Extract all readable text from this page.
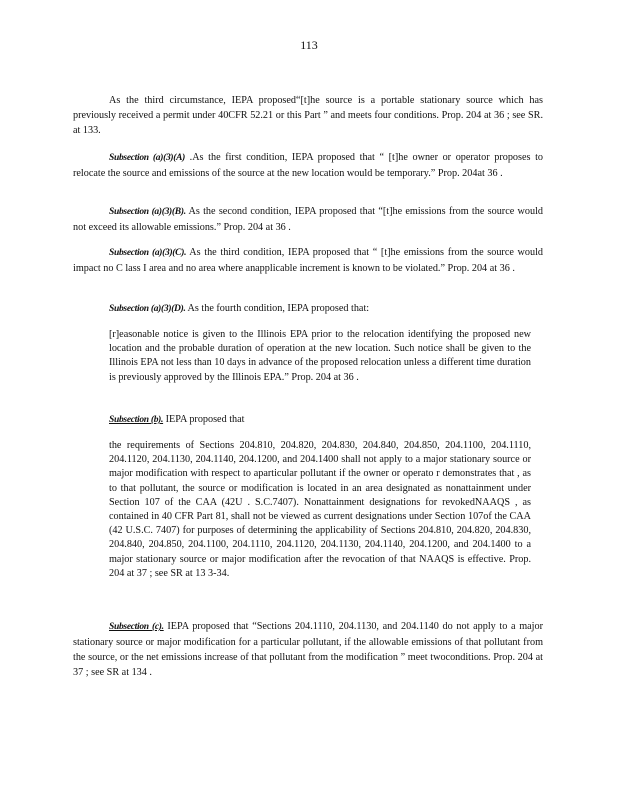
113
As the third circumstance, IEPA proposed“[t]he source is a portable stationary source which has previously received a permit under 40CFR 52.21 or this Part ” and meets four conditions. Prop. 204 at 36 ; see SR. at 133.
Subsection (a)(3)(A) .As the first condition, IEPA proposed that “ [t]he owner or operator proposes to relocate the source and emissions of the source at the new location would be temporary.” Prop. 204at 36 .
Subsection (a)(3)(B). As the second condition, IEPA proposed that “[t]he emissions from the source would not exceed its allowable emissions.” Prop. 204 at 36 .
Subsection (a)(3)(C). As the third condition, IEPA proposed that “ [t]he emissions from the source would impact no C lass I area and no area where anapplicable increment is known to be violated.” Prop. 204 at 36 .
Subsection (a)(3)(D). As the fourth condition, IEPA proposed that:
[r]easonable notice is given to the Illinois EPA prior to the relocation identifying the proposed new location and the probable duration of operation at the new location. Such notice shall be given to the Illinois EPA not less than 10 days in advance of the proposed relocation unless a different time duration is previously approved by the Illinois EPA.” Prop. 204 at 36 .
Subsection (b). IEPA proposed that
the requirements of Sections 204.810, 204.820, 204.830, 204.840, 204.850, 204.1100, 204.1110, 204.1120, 204.1130, 204.1140, 204.1200, and 204.1400 shall not apply to a major stationary source or major modification with respect to aparticular pollutant if the owner or operato r demonstrates that , as to that pollutant, the source or modification is located in an area designated as nonattainment under Section 107 of the CAA (42U . S.C.7407). Nonattainment designations for revokedNAAQS , as contained in 40 CFR Part 81, shall not be viewed as current designations under Section 107of the CAA (42 U.S.C. 7407) for purposes of determining the applicability of Sections 204.810, 204.820, 204.830, 204.840, 204.850, 204.1100, 204.1110, 204.1120, 204.1130, 204.1140, 204.1200, and 204.1400 to a major stationary source or major modification after the revocation of that NAAQS is effective. Prop. 204 at 37 ; see SR at 13 3-34.
Subsection (c). IEPA proposed that “Sections 204.1110, 204.1130, and 204.1140 do not apply to a major stationary source or major modification for a particular pollutant, if the allowable emissions of that pollutant from the source, or the net emissions increase of that pollutant from the modification ” meet twoconditions. Prop. 204 at 37 ; see SR at 134 .
